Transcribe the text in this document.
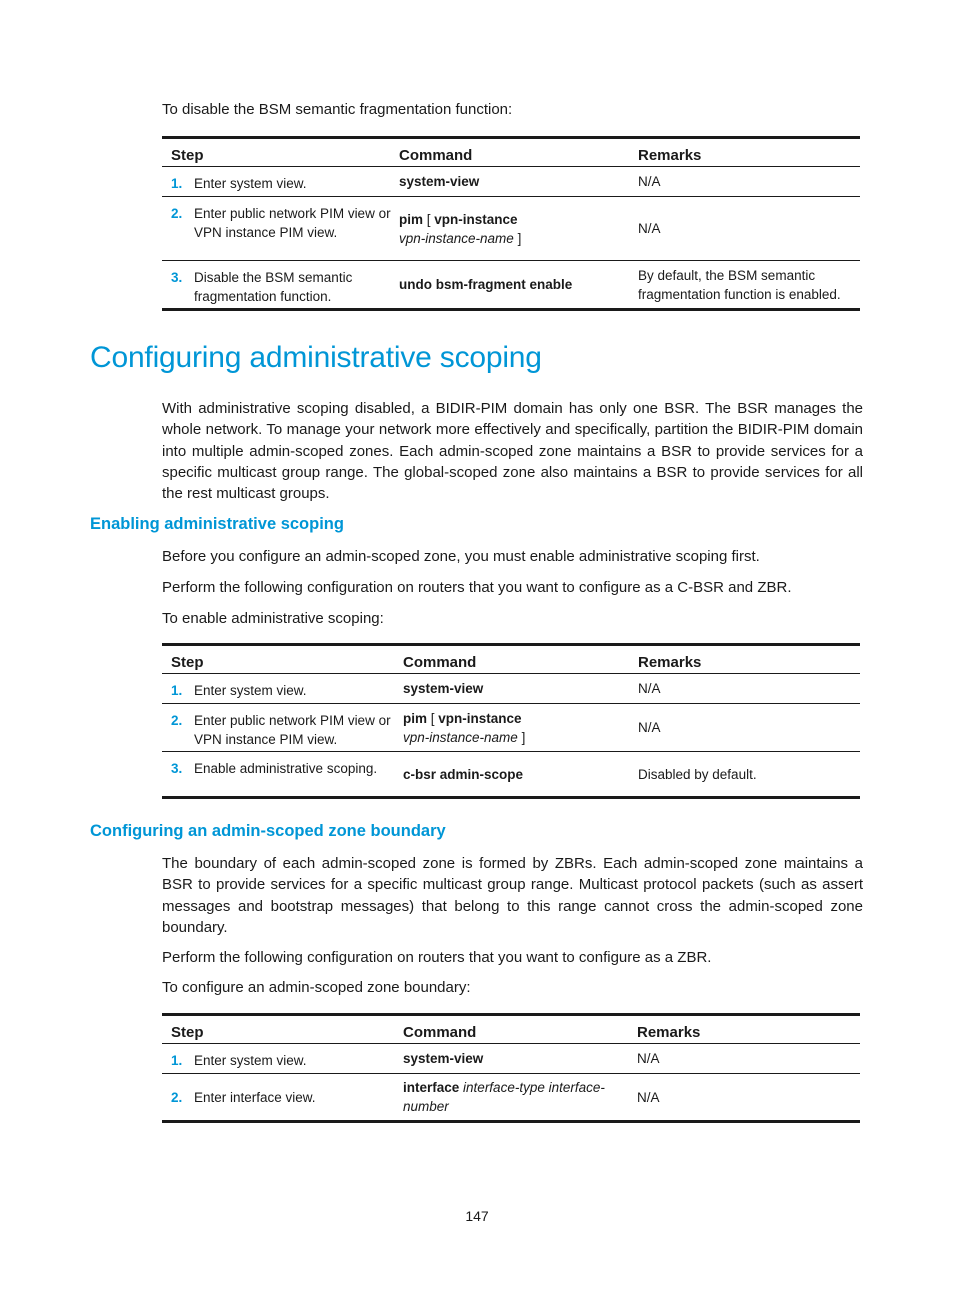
To disable the BSM semantic fragmentation function:
Step		Command	Remarks
1.	Enter system view.	system-view	N/A
2.	Enter public network PIM view or VPN instance PIM view.	pim [ vpn-instance
vpn-instance-name ]	N/A
3.	Disable the BSM semantic fragmentation function.	undo bsm-fragment enable	By default, the BSM semantic fragmentation function is enabled.
Configuring administrative scoping
With administrative scoping disabled, a BIDIR-PIM domain has only one BSR. The BSR manages the whole network. To manage your network more effectively and specifically, partition the BIDIR-PIM domain into multiple admin-scoped zones. Each admin-scoped zone maintains a BSR to provide services for a specific multicast group range. The global-scoped zone also maintains a BSR to provide services for all the rest multicast groups.
Enabling administrative scoping
Before you configure an admin-scoped zone, you must enable administrative scoping first.
Perform the following configuration on routers that you want to configure as a C-BSR and ZBR.
To enable administrative scoping:
Step		Command	Remarks
1.	Enter system view.	system-view	N/A
2.	Enter public network PIM view or VPN instance PIM view.	pim [ vpn-instance
vpn-instance-name ]	N/A
3.	Enable administrative scoping.	c-bsr admin-scope	Disabled by default.
Configuring an admin-scoped zone boundary
The boundary of each admin-scoped zone is formed by ZBRs. Each admin-scoped zone maintains a BSR to provide services for a specific multicast group range. Multicast protocol packets (such as assert messages and bootstrap messages) that belong to this range cannot cross the admin-scoped zone boundary.
Perform the following configuration on routers that you want to configure as a ZBR.
To configure an admin-scoped zone boundary:
Step		Command	Remarks
1.	Enter system view.	system-view	N/A
2.	Enter interface view.	interface interface-type interface-number	N/A
147
